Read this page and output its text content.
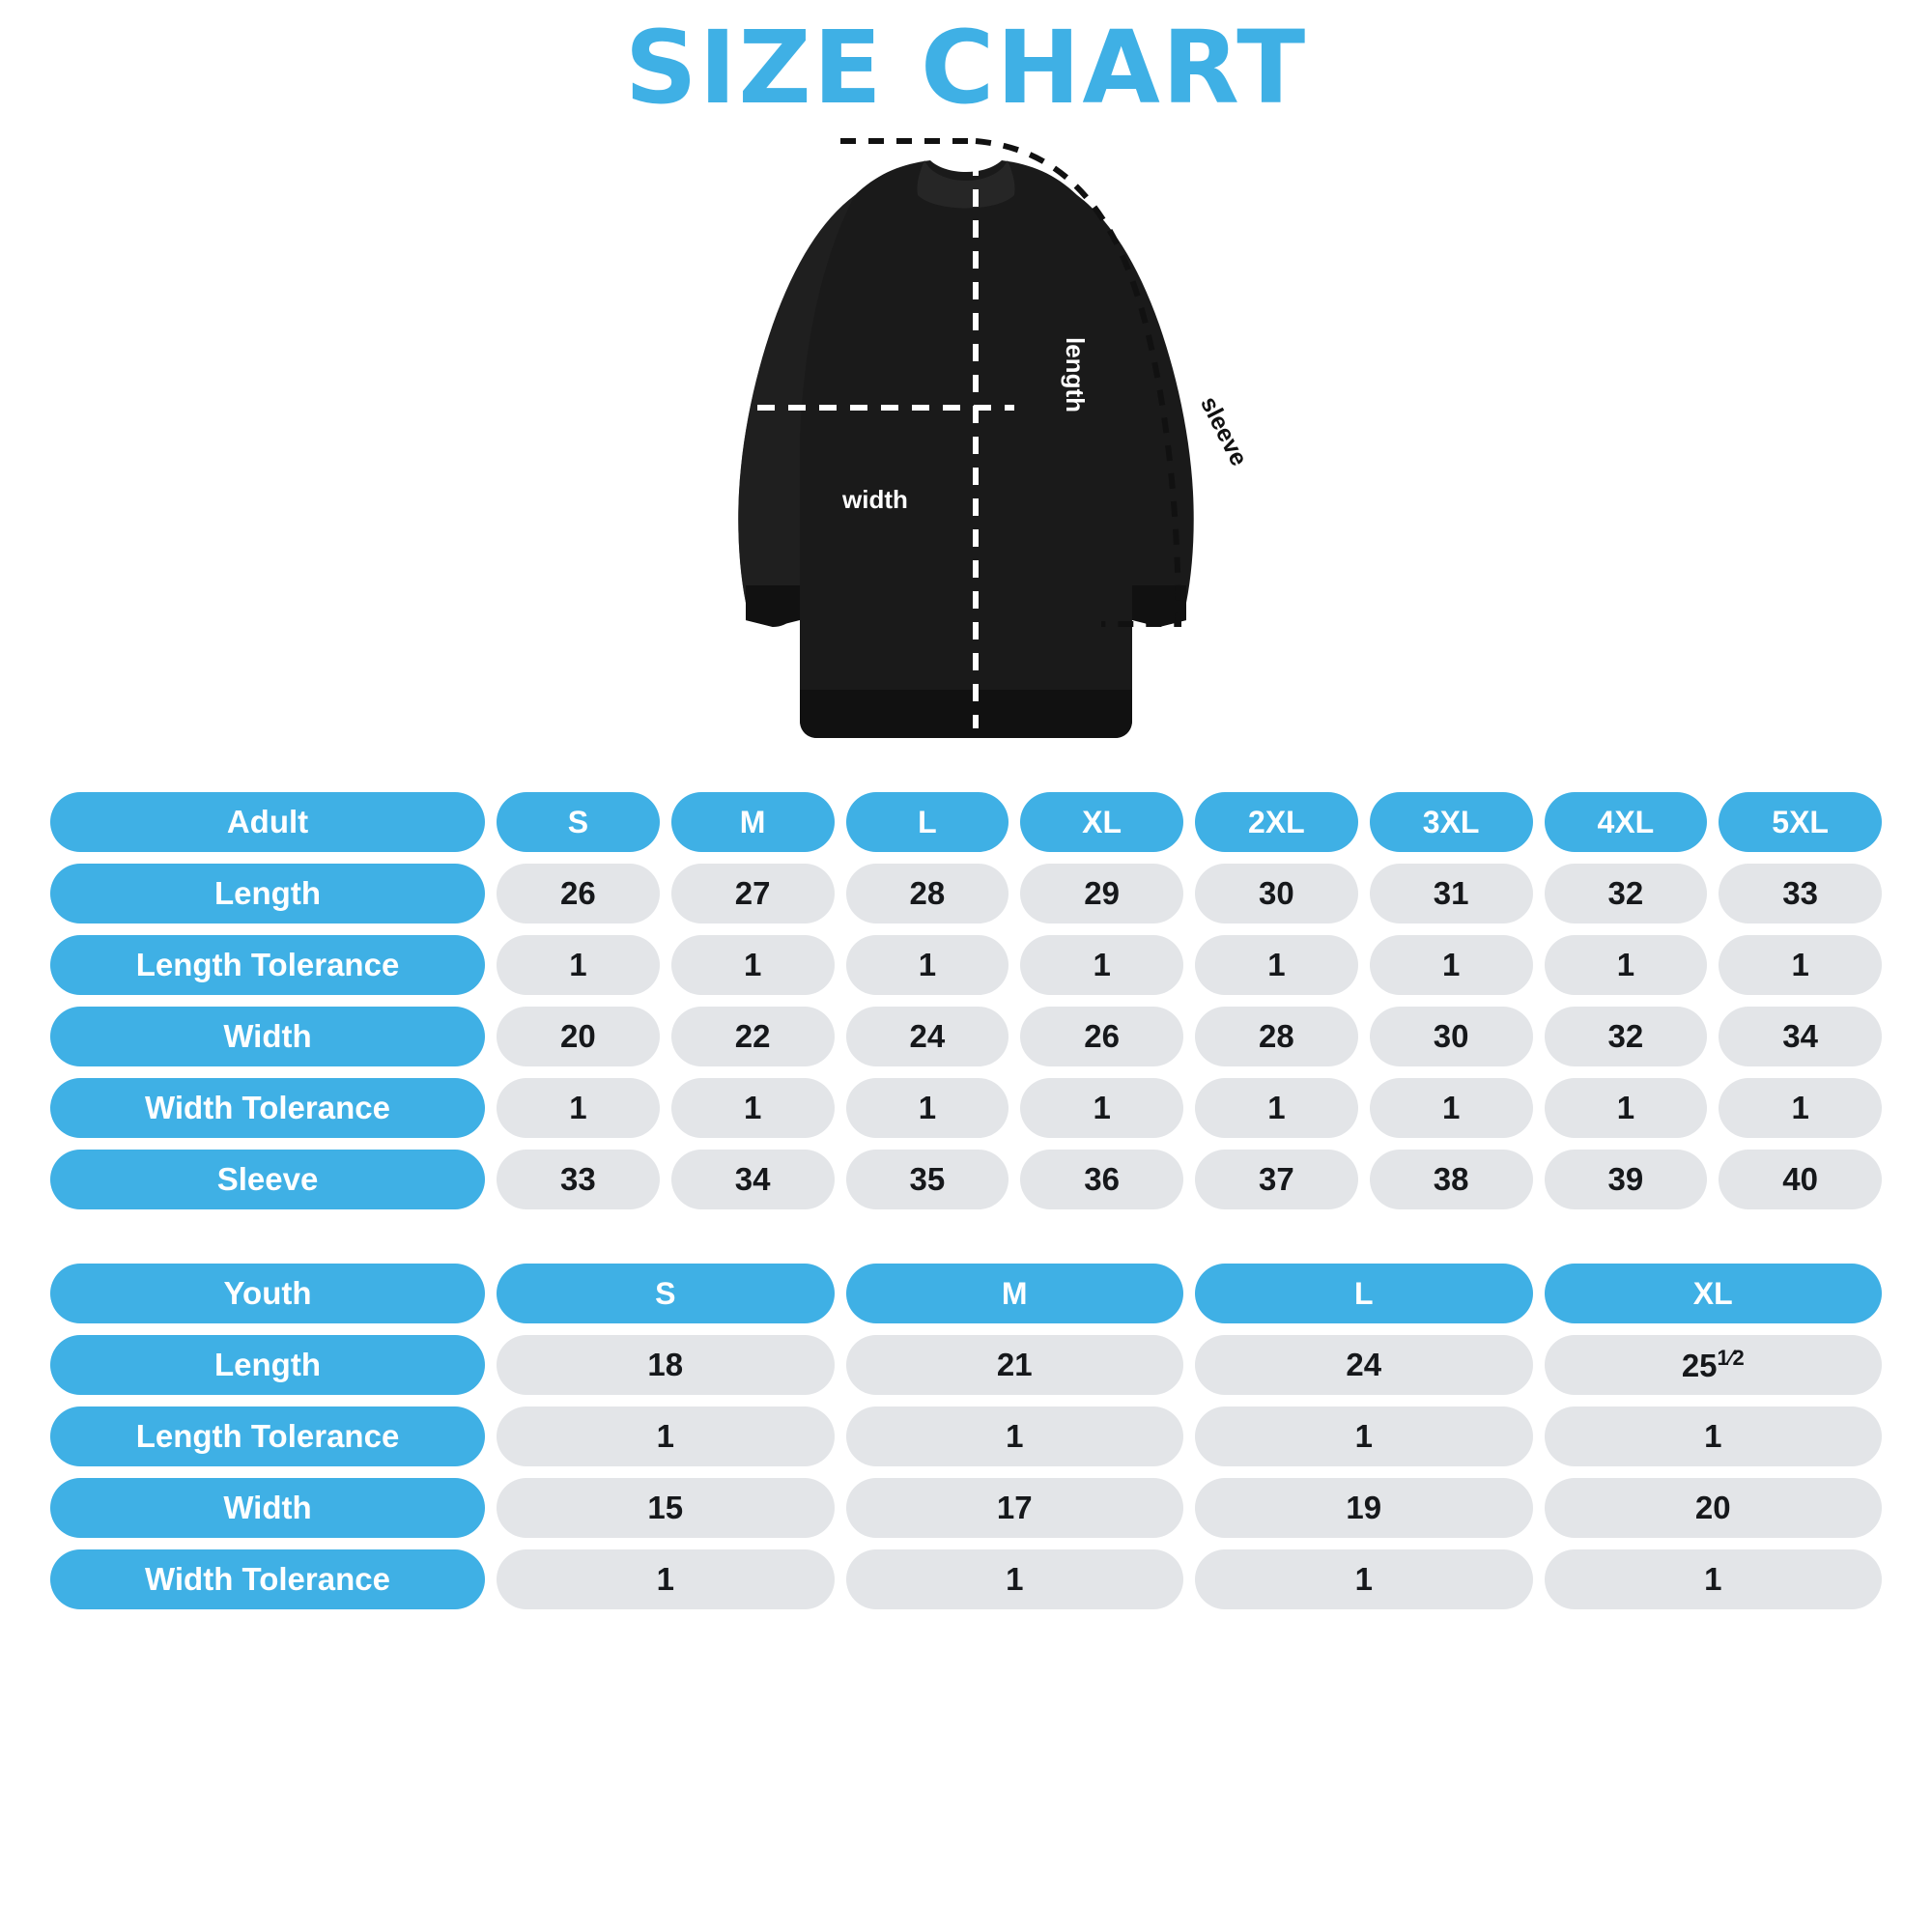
SIZE CHART
width
length
sleeve
Adult	S	M	L	XL	2XL	3XL	4XL	5XL
Length	26	27	28	29	30	31	32	33
Length Tolerance	1	1	1	1	1	1	1	1
Width	20	22	24	26	28	30	32	34
Width Tolerance	1	1	1	1	1	1	1	1
Sleeve	33	34	35	36	37	38	39	40
Youth	S	M	L	XL
Length	18	21	24	$25^{1⁄2}$
Length Tolerance	1	1	1	1
Width	15	17	19	20
Width Tolerance	1	1	1	1
